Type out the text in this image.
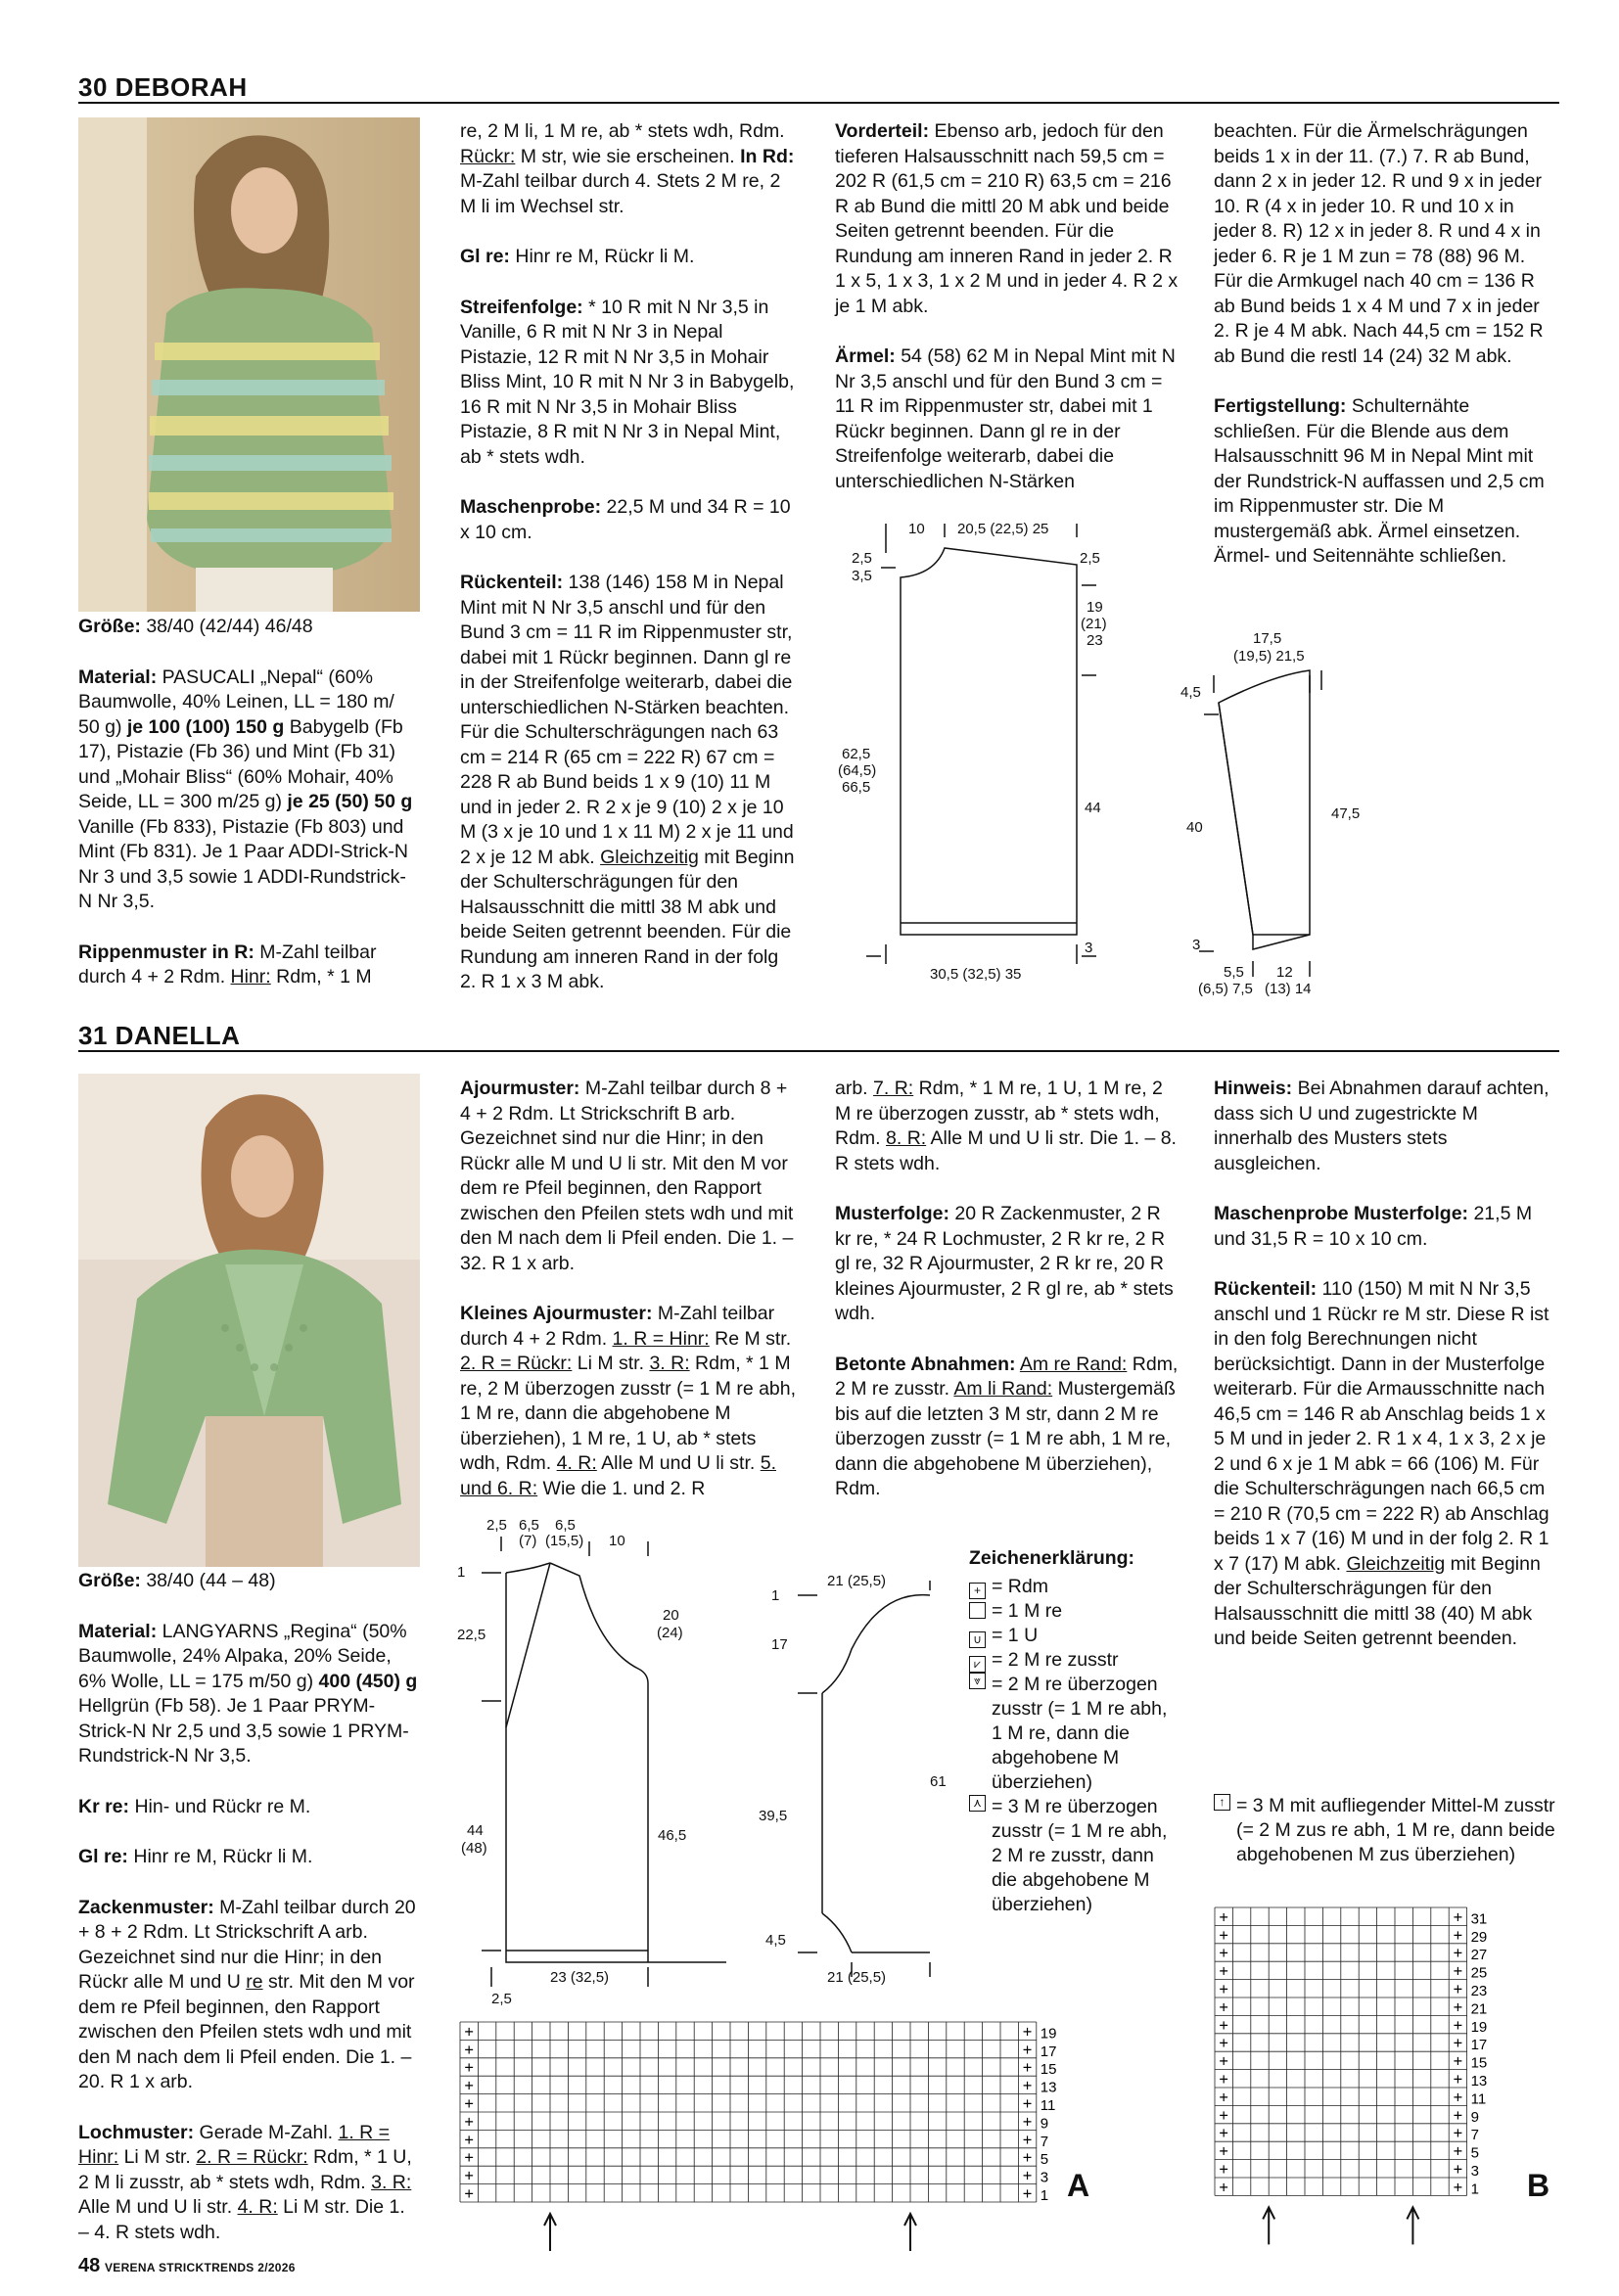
30 DEBORAH

Größe: 38/40 (42/44) 46/48

Material: PASUCALI „Nepal“ (60% Baumwolle, 40% Leinen, LL = 180 m/ 50 g) je 100 (100) 150 g Babygelb (Fb 17), Pistazie (Fb 36) und Mint (Fb 31) und „Mohair Bliss“ (60% Mohair, 40% Seide, LL = 300 m/25 g) je 25 (50) 50 g Vanille (Fb 833), Pistazie (Fb 803) und Mint (Fb 831). Je 1 Paar ADDI-Strick-N Nr 3 und 3,5 sowie 1 ADDI-Rundstrick-N Nr 3,5.

Rippenmuster in R: M-Zahl teilbar durch 4 + 2 Rdm. Hinr: Rdm, * 1 M

re, 2 M li, 1 M re, ab * stets wdh, Rdm. Rückr: M str, wie sie erscheinen. In Rd: M-Zahl teilbar durch 4. Stets 2 M re, 2 M li im Wechsel str.

Gl re: Hinr re M, Rückr li M.

Streifenfolge: * 10 R mit N Nr 3,5 in Vanille, 6 R mit N Nr 3 in Nepal Pistazie, 12 R mit N Nr 3,5 in Mohair Bliss Mint, 10 R mit N Nr 3 in Babygelb, 16 R mit N Nr 3,5 in Mohair Bliss Pistazie, 8 R mit N Nr 3 in Nepal Mint, ab * stets wdh.

Maschenprobe: 22,5 M und 34 R = 10 x 10 cm.

Rückenteil: 138 (146) 158 M in Nepal Mint mit N Nr 3,5 anschl und für den Bund 3 cm = 11 R im Rippenmuster str, dabei mit 1 Rückr beginnen. Dann gl re in der Streifenfolge weiterarb, dabei die unterschiedlichen N-Stärken beachten. Für die Schulterschrägungen nach 63 cm = 214 R (65 cm = 222 R) 67 cm = 228 R ab Bund beids 1 x 9 (10) 11 M und in jeder 2. R 2 x je 9 (10) 2 x je 10 M (3 x je 10 und 1 x 11 M) 2 x je 11 und 2 x je 12 M abk. Gleichzeitig mit Beginn der Schulterschrägungen für den Halsausschnitt die mittl 38 M abk und beide Seiten getrennt beenden. Für die Rundung am inneren Rand in der folg 2. R 1 x 3 M abk.

Vorderteil: Ebenso arb, jedoch für den tieferen Halsausschnitt nach 59,5 cm = 202 R (61,5 cm = 210 R) 63,5 cm = 216 R ab Bund die mittl 20 M abk und beide Seiten getrennt beenden. Für die Rundung am inneren Rand in jeder 2. R 1 x 5, 1 x 3, 1 x 2 M und in jeder 4. R 2 x je 1 M abk.

Ärmel: 54 (58) 62 M in Nepal Mint mit N Nr 3,5 anschl und für den Bund 3 cm = 11 R im Rippenmuster str, dabei mit 1 Rückr beginnen. Dann gl re in der Streifenfolge weiterarb, dabei die unterschiedlichen N-Stärken

beachten. Für die Ärmelschrägungen beids 1 x in der 11. (7.) 7. R ab Bund, dann 2 x in jeder 12. R und 9 x in jeder 10. R (4 x in jeder 10. R und 10 x in jeder 8. R) 12 x in jeder 8. R und 4 x in jeder 6. R je 1 M zun = 78 (88) 96 M. Für die Armkugel nach 40 cm = 136 R ab Bund beids 1 x 4 M und 7 x in jeder 2. R je 4 M abk. Nach 44,5 cm = 152 R ab Bund die restl 14 (24) 32 M abk.

Fertigstellung: Schulternähte schließen. Für die Blende aus dem Halsausschnitt 96 M in Nepal Mint mit der Rundstrick-N auffassen und 2,5 cm im Rippenmuster str. Die M mustergemäß abk. Ärmel einsetzen. Ärmel- und Seitennähte schließen.

10 20,5 (22,5) 25
2,5
3,5
2,5
19
(21)
23
62,5
(64,5)
66,5
44
3
30,5 (32,5) 35
17,5
(19,5) 21,5
4,5
40
47,5
3
5,5
(6,5) 7,5
12
(13) 14
31 DANELLA

Größe: 38/40 (44 – 48)

Material: LANGYARNS „Regina“ (50% Baumwolle, 24% Alpaka, 20% Seide, 6% Wolle, LL = 175 m/50 g) 400 (450) g Hellgrün (Fb 58). Je 1 Paar PRYM-Strick-N Nr 2,5 und 3,5 sowie 1 PRYM-Rundstrick-N Nr 3,5.

Kr re: Hin- und Rückr re M.

Gl re: Hinr re M, Rückr li M.

Zackenmuster: M-Zahl teilbar durch 20 + 8 + 2 Rdm. Lt Strickschrift A arb. Gezeichnet sind nur die Hinr; in den Rückr alle M und U re str. Mit den M vor dem re Pfeil beginnen, den Rapport zwischen den Pfeilen stets wdh und mit den M nach dem li Pfeil enden. Die 1. – 20. R 1 x arb.

Lochmuster: Gerade M-Zahl. 1. R = Hinr: Li M str. 2. R = Rückr: Rdm, * 1 U, 2 M li zusstr, ab * stets wdh, Rdm. 3. R: Alle M und U li str. 4. R: Li M str. Die 1. – 4. R stets wdh.

Ajourmuster: M-Zahl teilbar durch 8 + 4 + 2 Rdm. Lt Strickschrift B arb. Gezeichnet sind nur die Hinr; in den Rückr alle M und U li str. Mit den M vor dem re Pfeil beginnen, den Rapport zwischen den Pfeilen stets wdh und mit den M nach dem li Pfeil enden. Die 1. – 32. R 1 x arb.

Kleines Ajourmuster: M-Zahl teilbar durch 4 + 2 Rdm. 1. R = Hinr: Re M str. 2. R = Rückr: Li M str. 3. R: Rdm, * 1 M re, 2 M überzogen zusstr (= 1 M re abh, 1 M re, dann die abgehobene M überziehen), 1 M re, 1 U, ab * stets wdh, Rdm. 4. R: Alle M und U li str. 5. und 6. R: Wie die 1. und 2. R

arb. 7. R: Rdm, * 1 M re, 1 U, 1 M re, 2 M re überzogen zusstr, ab * stets wdh, Rdm. 8. R: Alle M und U li str. Die 1. – 8. R stets wdh.

Musterfolge: 20 R Zackenmuster, 2 R kr re, * 24 R Lochmuster, 2 R kr re, 2 R gl re, 32 R Ajourmuster, 2 R kr re, 20 R kleines Ajourmuster, 2 R gl re, ab * stets wdh.

Betonte Abnahmen: Am re Rand: Rdm, 2 M re zusstr. Am li Rand: Mustergemäß bis auf die letzten 3 M str, dann 2 M re überzogen zusstr (= 1 M re abh, 1 M re, dann die abgehobene M überziehen), Rdm.

Hinweis: Bei Abnahmen darauf achten, dass sich U und zugestrickte M innerhalb des Musters stets ausgleichen.

Maschenprobe Musterfolge: 21,5 M und 31,5 R = 10 x 10 cm.

Rückenteil: 110 (150) M mit N Nr 3,5 anschl und 1 Rückr re M str. Diese R ist in den folg Berechnungen nicht berücksichtigt. Dann in der Musterfolge weiterarb. Für die Armausschnitte nach 46,5 cm = 146 R ab Anschlag beids 1 x 5 M und in jeder 2. R 1 x 4, 1 x 3, 2 x je 2 und 6 x je 1 M abk = 66 (106) M. Für die Schulterschrägungen nach 66,5 cm = 210 R (70,5 cm = 222 R) ab Anschlag beids 1 x 7 (16) M und in der folg 2. R 1 x 7 (17) M abk. Gleichzeitig mit Beginn der Schulterschrägungen für den Halsausschnitt die mittl 38 (40) M abk und beide Seiten getrennt beenden.

2,5 6,5
(7)
6,5
(15,5) 10
1
22,5
20
(24)
44
(48)
46,5
23 (32,5)
2,5
1
21 (25,5)
17
39,5
61
4,5
21 (25,5)
Zeichenerklärung:
+ = Rdm
= 1 M re
∪ = 1 U
⩗ = 2 M re zusstr
⩔ = 2 M re überzogen zusstr (= 1 M re abh, 1 M re, dann die abgehobene M überziehen)
⋏ = 3 M re überzogen zusstr (= 1 M re abh, 2 M re zusstr, dann die abgehobene M überziehen)
↑ = 3 M mit aufliegender Mittel-M zusstr (= 2 M zus re abh, 1 M re, dann beide abgehobenen M zus überziehen)
+	+ 19
+	+ 17
+	+ 15
+	+ 13
+	+ 11
+	+ 9
+	+ 7
+	+ 5
+	+ 3
+	+ 1 A
+	+ 31
+	+ 29
+	+ 27
+	+ 25
+	+ 23
+	+ 21
+	+ 19
+	+ 17
+	+ 15
+	+ 13
+	+ 11
+	+ 9
+	+ 7
+	+ 5
+	+ 3
+	+ 1 B
48 VERENA STRICKTRENDS 2/2026
